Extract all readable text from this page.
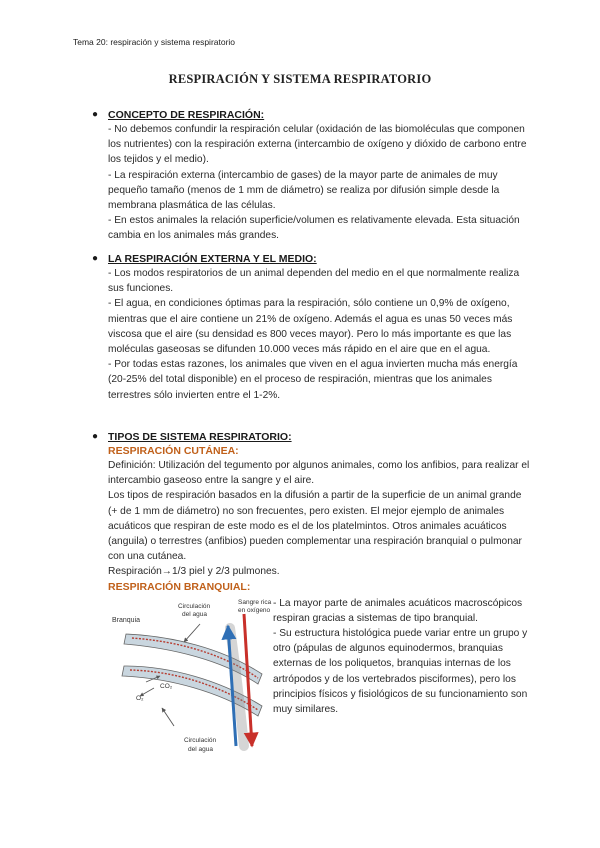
Tema 20: respiración y sistema respiratorio
RESPIRACIÓN Y SISTEMA RESPIRATORIO
● CONCEPTO DE RESPIRACIÓN:

- No debemos confundir la respiración celular (oxidación de las biomoléculas que componen los nutrientes) con la respiración externa (intercambio de oxígeno y dióxido de carbono entre los tejidos y el medio).

- La respiración externa (intercambio de gases) de la mayor parte de animales de muy pequeño tamaño (menos de 1 mm de diámetro) se realiza por difusión simple desde la membrana plasmática de las células.

- En estos animales la relación superficie/volumen es relativamente elevada. Esta situación cambia en los animales más grandes.

● LA RESPIRACIÓN EXTERNA Y EL MEDIO:

- Los modos respiratorios de un animal dependen del medio en el que normalmente realiza sus funciones.

- El agua, en condiciones óptimas para la respiración, sólo contiene un 0,9% de oxígeno, mientras que el aire contiene un 21% de oxígeno. Además el agua es unas 50 veces más viscosa que el aire (su densidad es 800 veces mayor). Pero lo más importante es que las moléculas gaseosas se difunden 10.000 veces más rápido en el aire que en el agua.

- Por todas estas razones, los animales que viven en el agua invierten mucha más energía (20-25% del total disponible) en el proceso de respiración, mientras que los animales terrestres sólo invierten entre el 1-2%.

● TIPOS DE SISTEMA RESPIRATORIO:
RESPIRACIÓN CUTÁNEA:

Definición: Utilización del tegumento por algunos animales, como los anfibios, para realizar el intercambio gaseoso entre la sangre y el aire.

Los tipos de respiración basados en la difusión a partir de la superficie de un animal grande (+ de 1 mm de diámetro) no son frecuentes, pero existen. El mejor ejemplo de animales acuáticos que respiran de este modo es el de los platelmintos. Otros animales acuáticos (anguila) o terrestres (anfibios) pueden complementar una respiración branquial o pulmonar con una cutánea.

Respiración→1/3 piel y 2/3 pulmones.

RESPIRACIÓN BRANQUIAL:
Branquia
Circulación
del agua
Sangre rica
en oxígeno
CO₂
O₂
Circulación
del agua

- La mayor parte de animales acuáticos macroscópicos respiran gracias a sistemas de tipo branquial.

- Su estructura histológica puede variar entre un grupo y otro (pápulas de algunos equinodermos, branquias externas de los poliquetos, branquias internas de los artrópodos y de los vertebrados pisciformes), pero los principios físicos y fisiológicos de su funcionamiento son muy similares.
